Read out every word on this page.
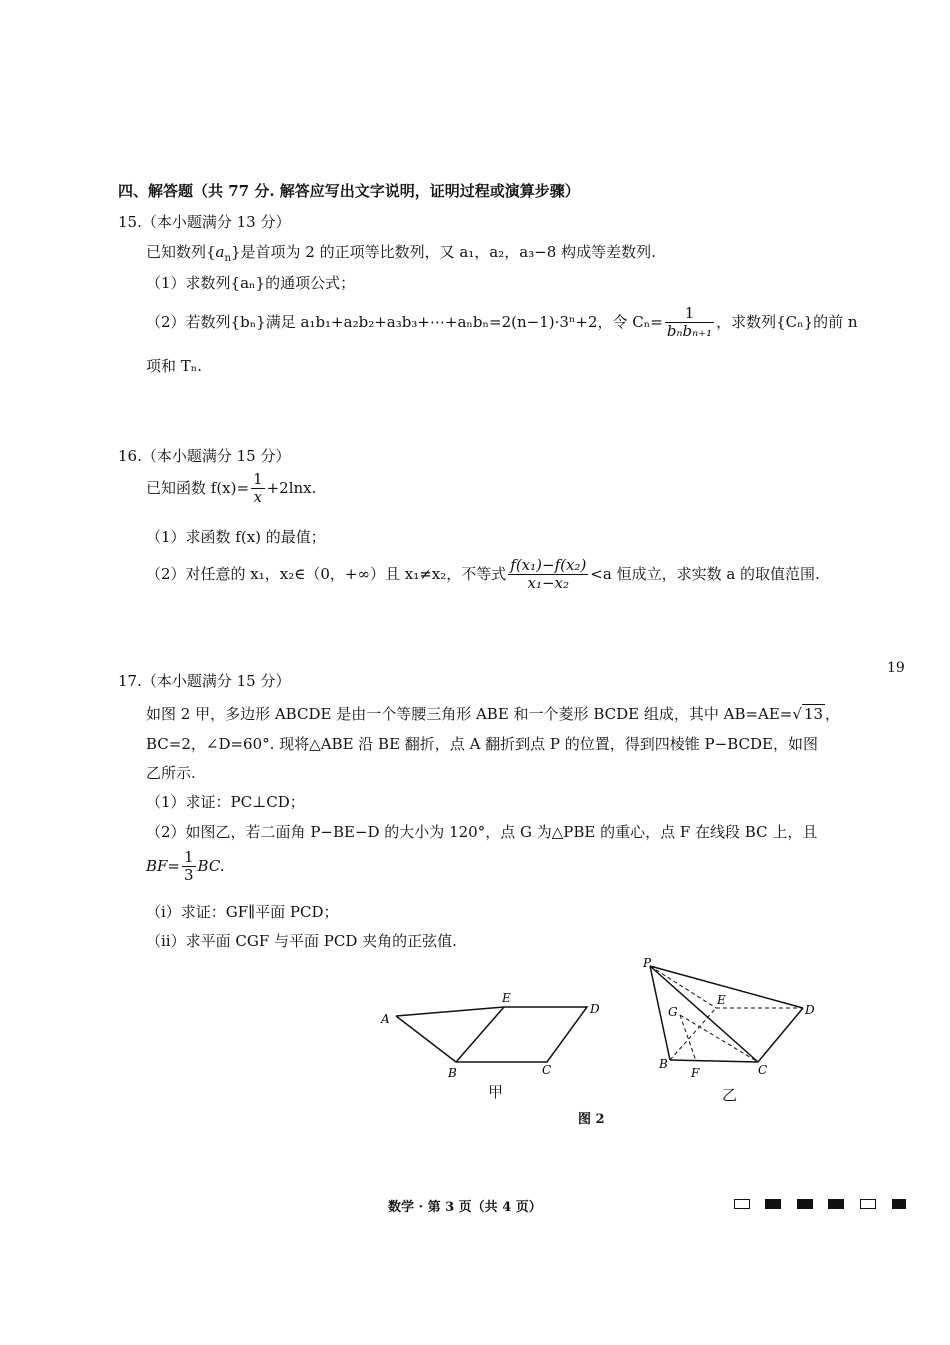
四、解答题（共 77 分. 解答应写出文字说明，证明过程或演算步骤）
15.（本小题满分 13 分）
已知数列$\{a_n\}$是首项为 2 的正项等比数列，又 a₁，a₂，a₃−8 构成等差数列.
（1）求数列{aₙ}的通项公式；
（2）若数列{bₙ}满足 a₁b₁+a₂b₂+a₃b₃+⋯+aₙbₙ=2(n−1)·3ⁿ+2，令 $C_n= \frac{1}{\text{bₙbₙ₊₁}}$ ，求数列{Cₙ}的前 n
项和 Tₙ.
16.（本小题满分 15 分）
已知函数 $f(x)= \frac{1}{x} +2\ln x$.
（1）求函数 f(x) 的最值；
（2）对任意的 x₁，x₂∈（0，+∞）且 x₁≠x₂，不等式 $\frac{\text{f(x₁)−f(x₂)}}{\text{x₁−x₂}} <a$ 恒成立，求实数 a 的取值范围.
19
17.（本小题满分 15 分）
如图 2 甲，多边形 ABCDE 是由一个等腰三角形 ABE 和一个菱形 BCDE 组成，其中 AB=AE=√ 13 ，
BC=2，∠D=60°. 现将△ABE 沿 BE 翻折，点 A 翻折到点 P 的位置，得到四棱锥 P−BCDE，如图
乙所示.
（1）求证：PC⊥CD；
（2）如图乙，若二面角 P−BE−D 的大小为 120°，点 G 为△PBE 的重心，点 F 在线段 BC 上，且
$BF= \frac{1}{3}$ BC.
（i）求证：GF∥平面 PCD；
（ii）求平面 CGF 与平面 PCD 夹角的正弦值.
A
E
D
B	C
甲
P
E
D
G
B
F	C
乙
图 2
数学 · 第 3 页（共 4 页）
